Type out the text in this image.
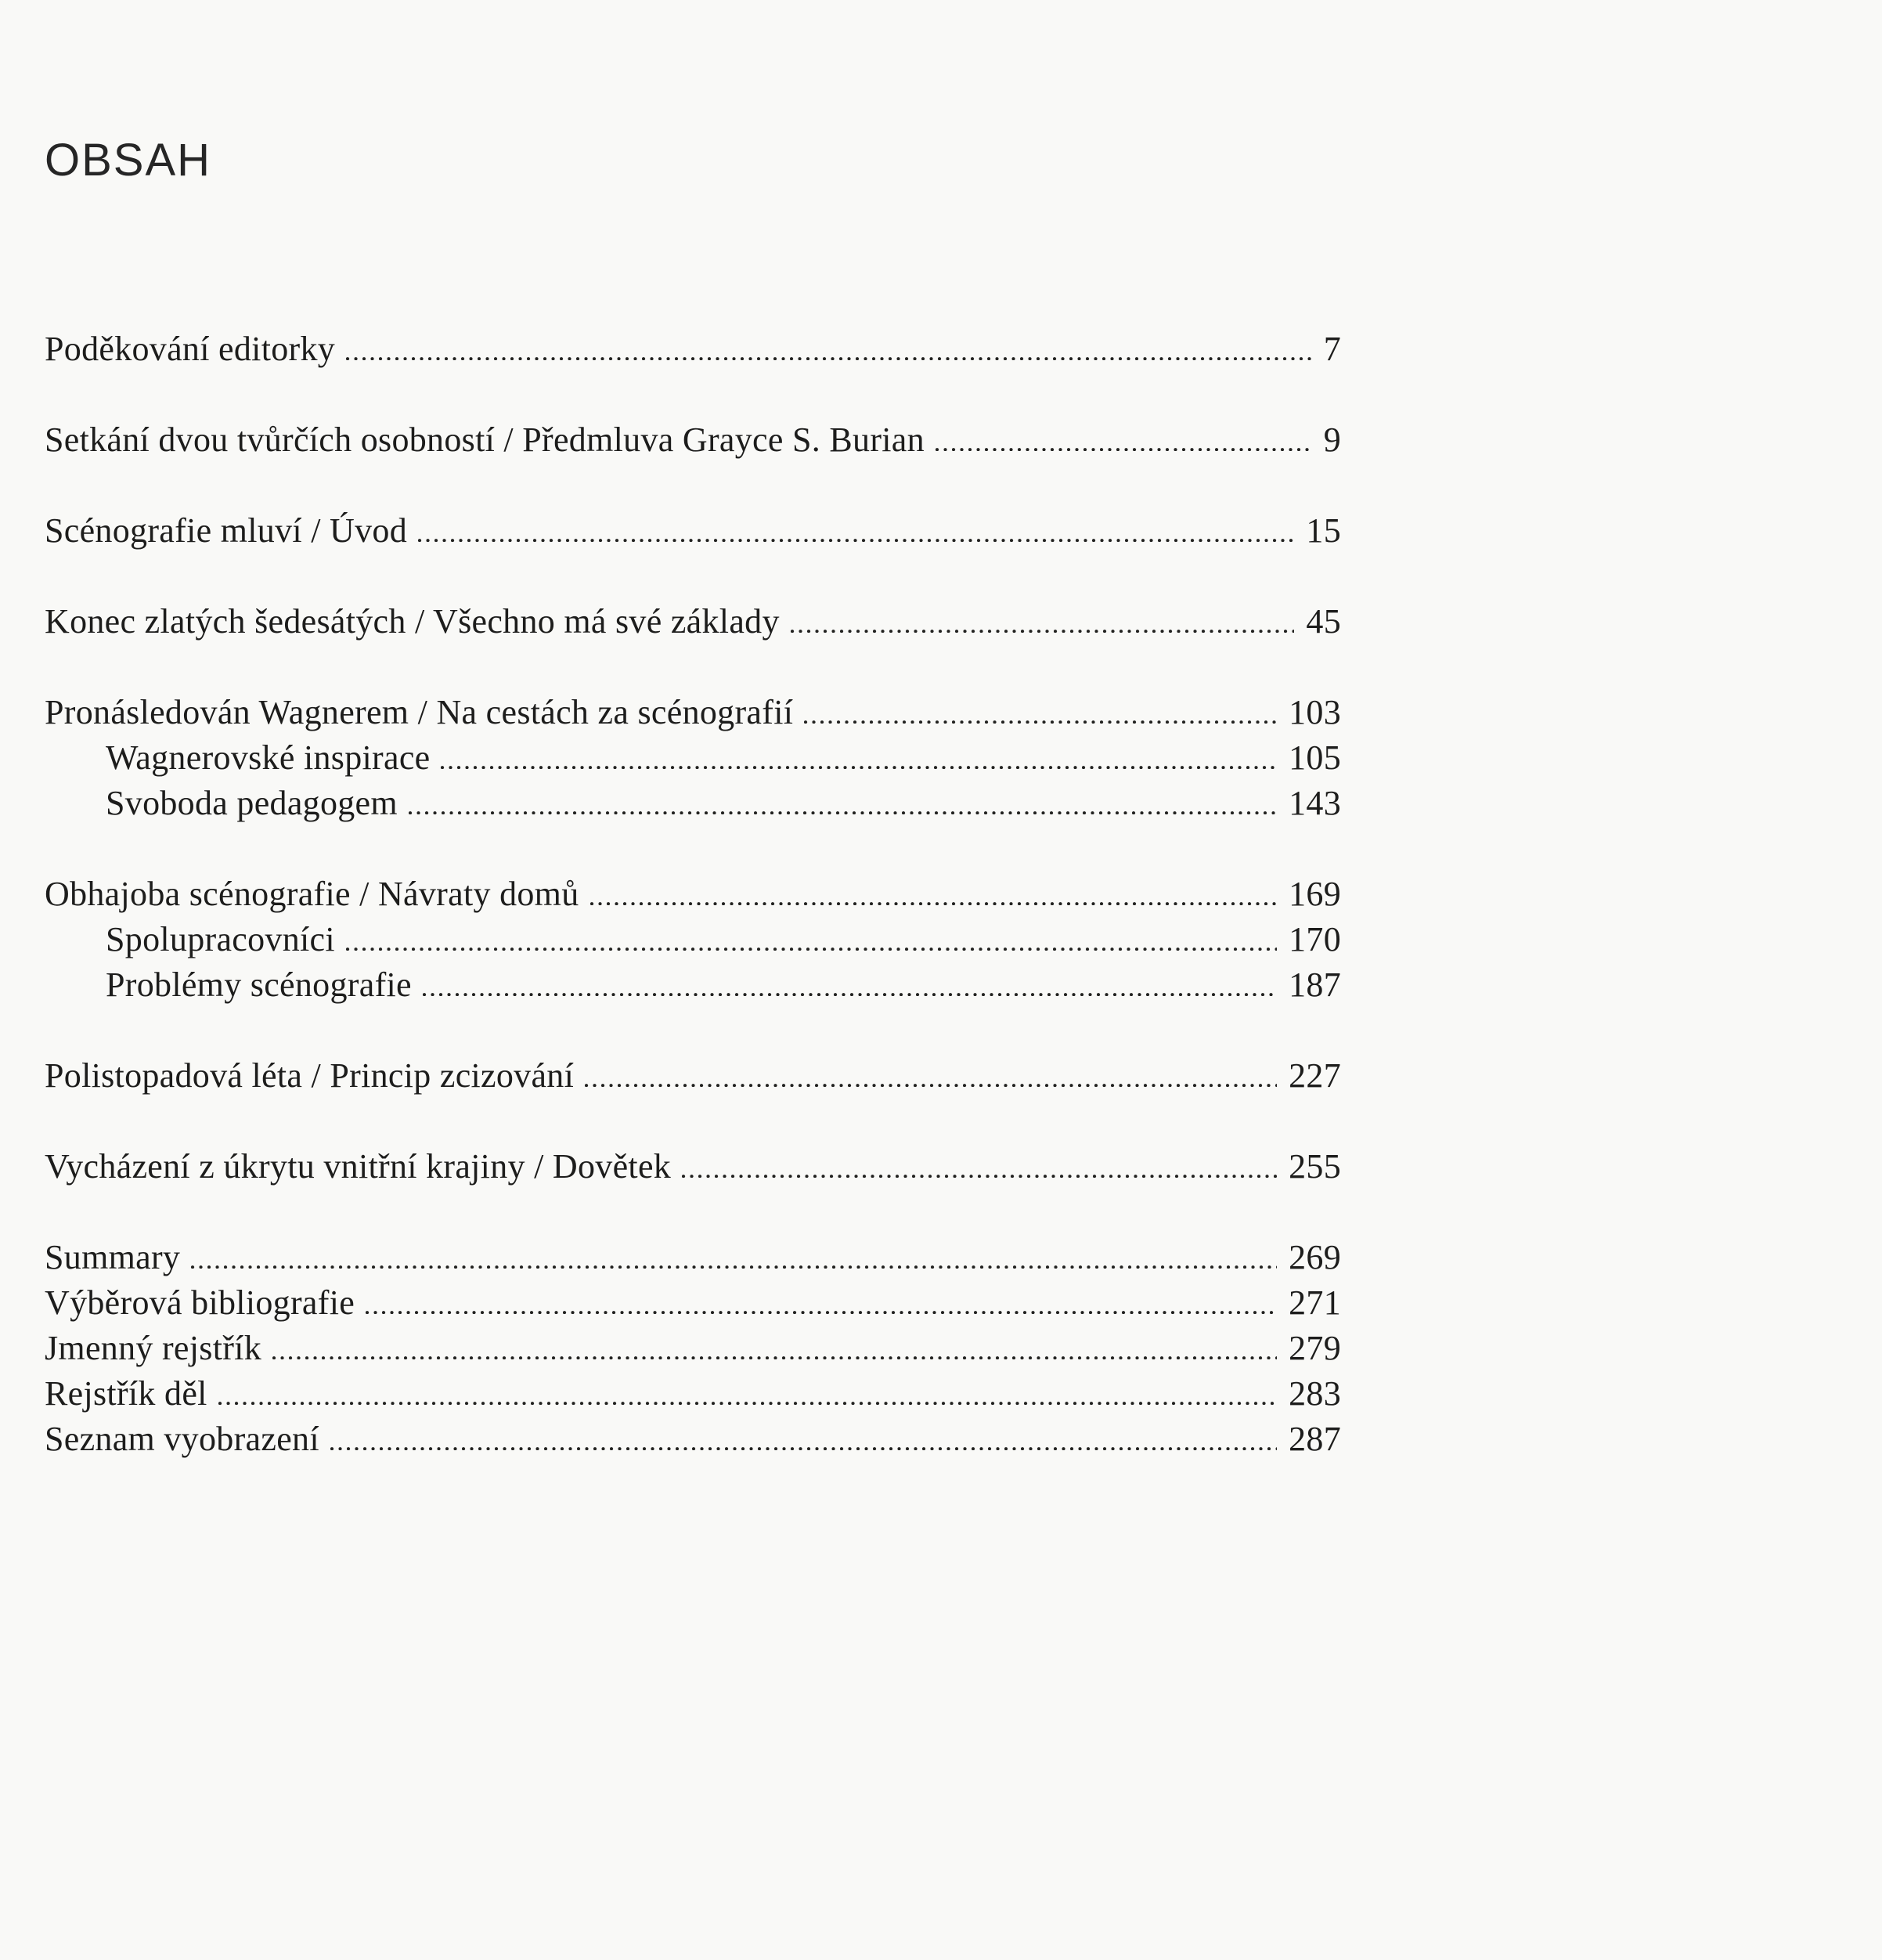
OBSAH
Poděkování editorky	7
Setkání dvou tvůrčích osobností / Předmluva Grayce S. Burian	9
Scénografie mluví / Úvod	15
Konec zlatých šedesátých / Všechno má své základy	45
Pronásledován Wagnerem / Na cestách za scénografií	103
Wagnerovské inspirace	105
Svoboda pedagogem	143
Obhajoba scénografie / Návraty domů	169
Spolupracovníci	170
Problémy scénografie	187
Polistopadová léta / Princip zcizování	227
Vycházení z úkrytu vnitřní krajiny / Dovětek	255
Summary	269
Výběrová bibliografie	271
Jmenný rejstřík	279
Rejstřík děl	283
Seznam vyobrazení	287
